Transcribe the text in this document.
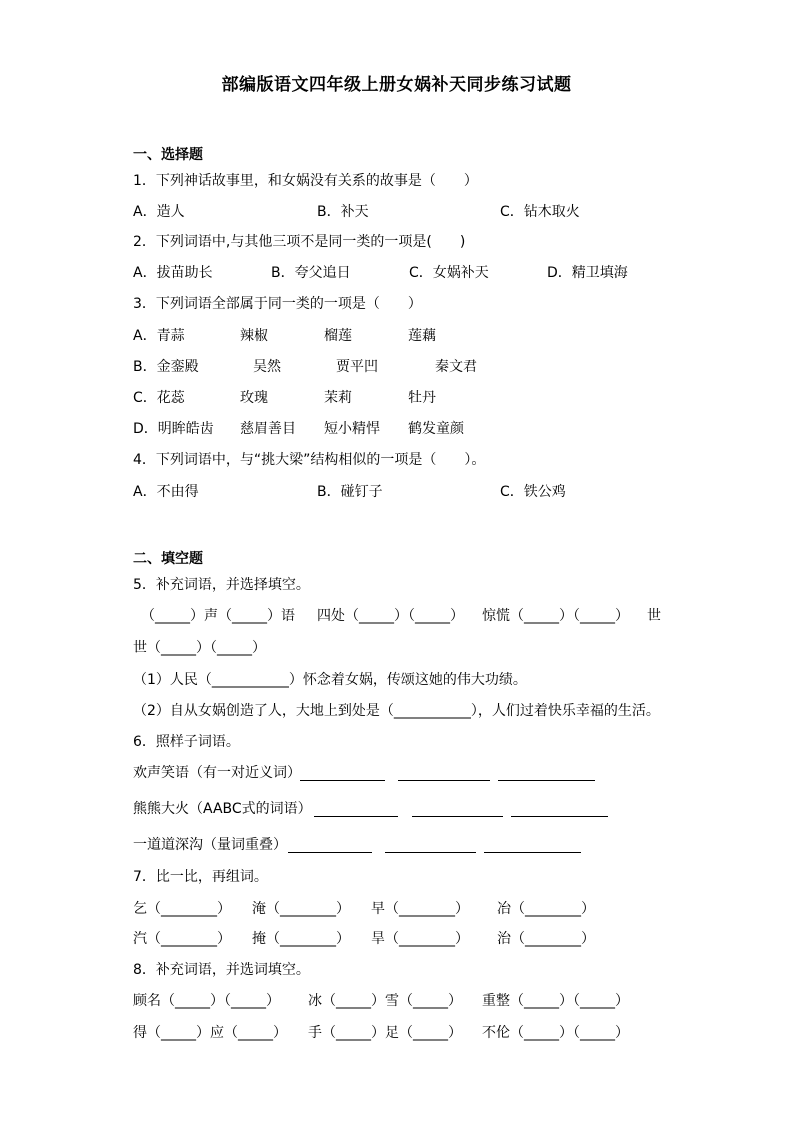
部编版语文四年级上册女娲补天同步练习试题
一、选择题
1．下列神话故事里，和女娲没有关系的故事是（　　）
A．造人	B．补天	C．钻木取火
2．下列词语中,与其他三项不是同一类的一项是(　　)
A．拔苗助长	B．夸父追日	C．女娲补天	D．精卫填海
3．下列词语全部属于同一类的一项是（　　）
A．青蒜	辣椒	榴莲	莲藕
B．金銮殿	吴然	贾平凹	秦文君
C．花蕊	玫瑰	茉莉	牡丹
D．明眸皓齿 慈眉善目 短小精悍 鹤发童颜
4．下列词语中，与“挑大梁”结构相似的一项是（　　）。
A．不由得	B．碰钉子	C．铁公鸡
二、填空题
5．补充词语，并选择填空。
（_____）声（_____）语 四处（_____）（_____） 惊慌（_____）（_____） 世
世（_____）（_____）
（1）人民（___________）怀念着女娲，传颂这她的伟大功绩。
（2）自从女娲创造了人，大地上到处是（___________），人们过着快乐幸福的生活。
6．照样子词语。
欢声笑语（有一对近义词）
熊熊大火（AABC式的词语）
一道道深沟（量词重叠）
7．比一比，再组词。
乞（________） 淹（________） 早（________） 冶（________）
汽（________） 掩（________） 旱（________） 治（________）
8．补充词语，并选词填空。
顾名（_____）（_____） 冰（_____）雪（_____） 重整（_____）（_____）
得（_____）应（_____） 手（_____）足（_____） 不伦（_____）（_____）
